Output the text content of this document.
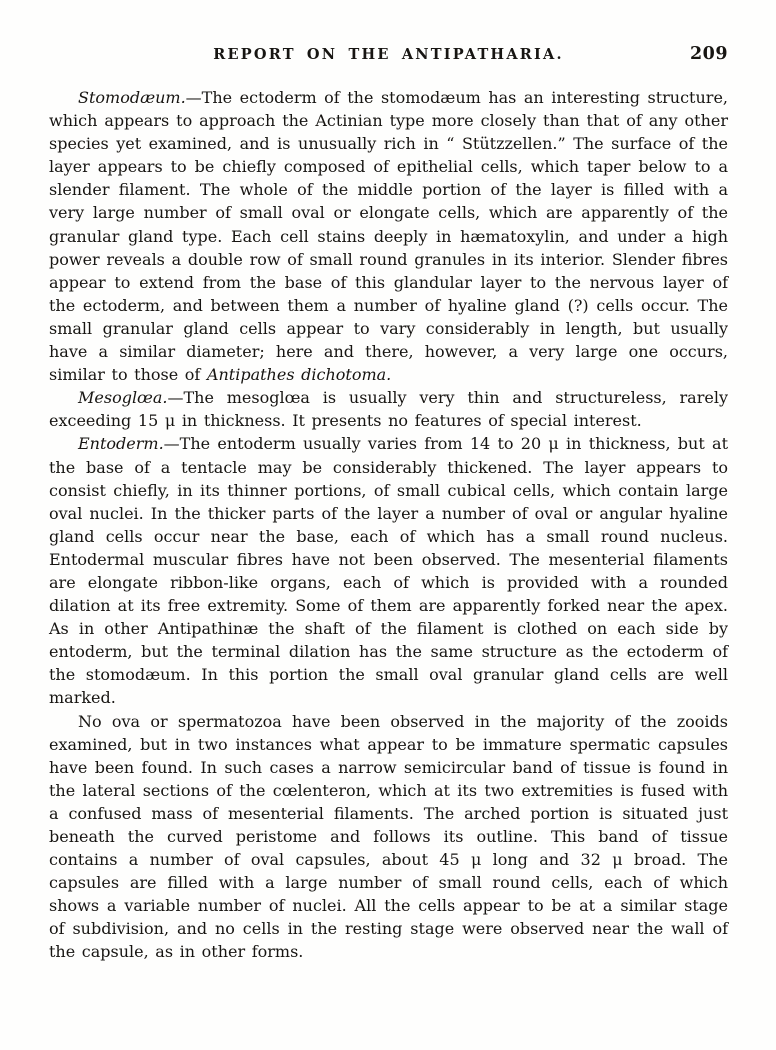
REPORT ON THE ANTIPATHARIA.	209

Stomodæum.—The ectoderm of the stomodæum has an interesting structure, which appears to approach the Actinian type more closely than that of any other species yet examined, and is unusually rich in “ Stützzellen.” The surface of the layer appears to be chiefly composed of epithelial cells, which taper below to a slender filament. The whole of the middle portion of the layer is filled with a very large number of small oval or elongate cells, which are apparently of the granular gland type. Each cell stains deeply in hæmatoxylin, and under a high power reveals a double row of small round granules in its interior. Slender fibres appear to extend from the base of this glandular layer to the nervous layer of the ectoderm, and between them a number of hyaline gland (?) cells occur. The small granular gland cells appear to vary considerably in length, but usually have a similar diameter; here and there, however, a very large one occurs, similar to those of Antipathes dichotoma.

Mesoglœa.—The mesoglœa is usually very thin and structureless, rarely exceeding 15 μ in thickness. It presents no features of special interest.

Entoderm.—The entoderm usually varies from 14 to 20 μ in thickness, but at the base of a tentacle may be considerably thickened. The layer appears to consist chiefly, in its thinner portions, of small cubical cells, which contain large oval nuclei. In the thicker parts of the layer a number of oval or angular hyaline gland cells occur near the base, each of which has a small round nucleus. Entodermal muscular fibres have not been observed. The mesenterial filaments are elongate ribbon-like organs, each of which is provided with a rounded dilation at its free extremity. Some of them are apparently forked near the apex. As in other Antipathinæ the shaft of the filament is clothed on each side by entoderm, but the terminal dilation has the same structure as the ectoderm of the stomodæum. In this portion the small oval granular gland cells are well marked.

No ova or spermatozoa have been observed in the majority of the zooids examined, but in two instances what appear to be immature spermatic capsules have been found. In such cases a narrow semicircular band of tissue is found in the lateral sections of the cœlenteron, which at its two extremities is fused with a confused mass of mesenterial filaments. The arched portion is situated just beneath the curved peristome and follows its outline. This band of tissue contains a number of oval capsules, about 45 μ long and 32 μ broad. The capsules are filled with a large number of small round cells, each of which shows a variable number of nuclei. All the cells appear to be at a similar stage of subdivision, and no cells in the resting stage were observed near the wall of the capsule, as in other forms.
